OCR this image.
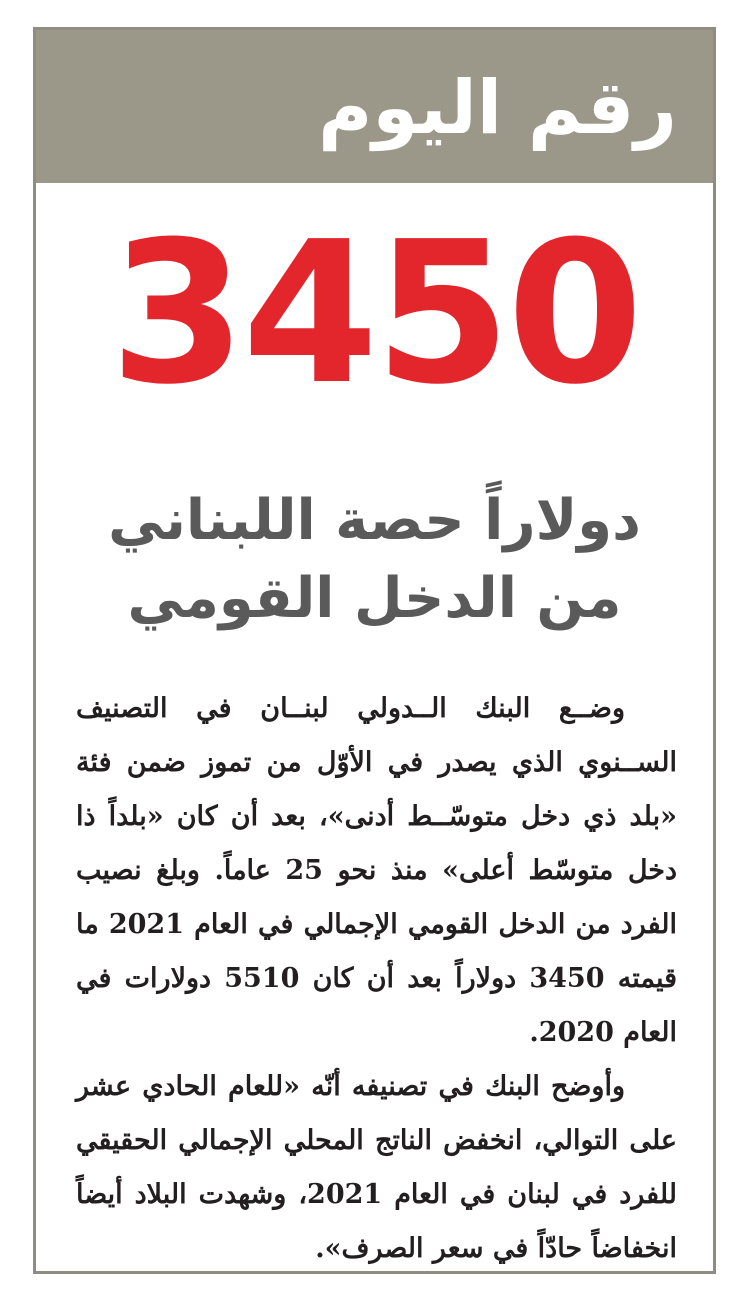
رقم اليوم
3450
دولاراً حصة اللبناني
من الدخل القومي

وضــع البنك الــدولي لبنــان في التصنيف الســنوي الذي يصدر في الأوّل من تموز ضمن فئة «بلد ذي دخل متوسّــط أدنى»، بعد أن كان «بلداً ذا دخل متوسّط أعلى» منذ نحو 25 عاماً. وبلغ نصيب الفرد من الدخل القومي الإجمالي في العام 2021 ما قيمته 3450 دولاراً بعد أن كان 5510 دولارات في العام 2020.

وأوضح البنك في تصنيفه أنّه «للعام الحادي عشر على التوالي، انخفض الناتج المحلي الإجمالي الحقيقي للفرد في لبنان في العام 2021، وشهدت البلاد أيضاً انخفاضاً حادّاً في سعر الصرف».
